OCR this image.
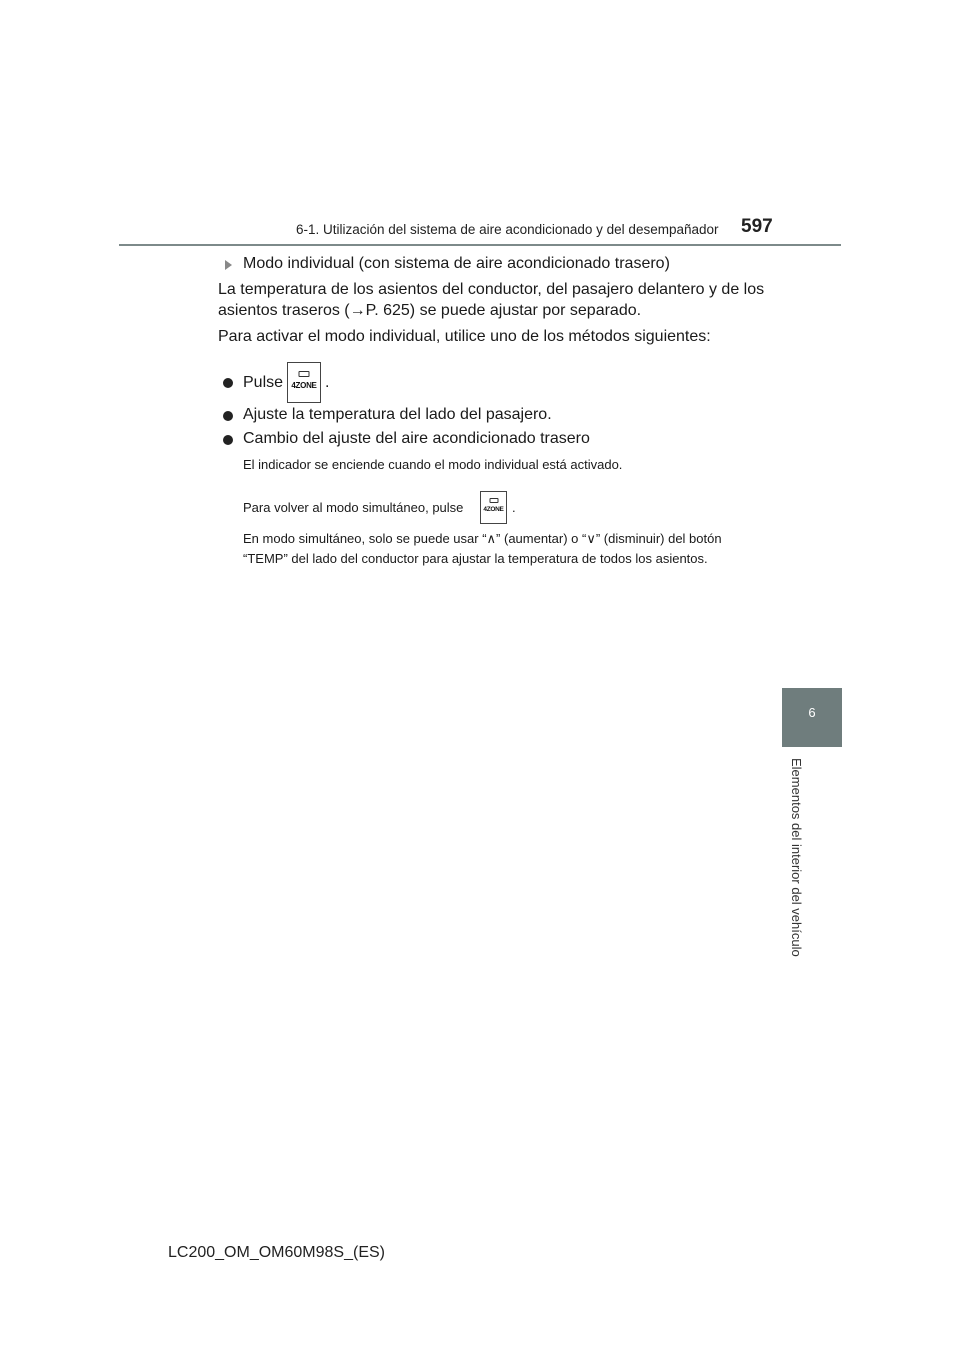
6-1. Utilización del sistema de aire acondicionado y del desempañador 597
6
Elementos del interior del vehículo
Modo individual (con sistema de aire acondicionado trasero)
La temperatura de los asientos del conductor, del pasajero delantero y de los
asientos traseros (→P. 625) se puede ajustar por separado.
Para activar el modo individual, utilice uno de los métodos siguientes:
Pulse	4ZONE .
Ajuste la temperatura del lado del pasajero.
Cambio del ajuste del aire acondicionado trasero
El indicador se enciende cuando el modo individual está activado.
Para volver al modo simultáneo, pulse	4ZONE .
En modo simultáneo, solo se puede usar “∧” (aumentar) o “∨” (disminuir) del botón
“TEMP” del lado del conductor para ajustar la temperatura de todos los asientos.
LC200_OM_OM60M98S_(ES)
